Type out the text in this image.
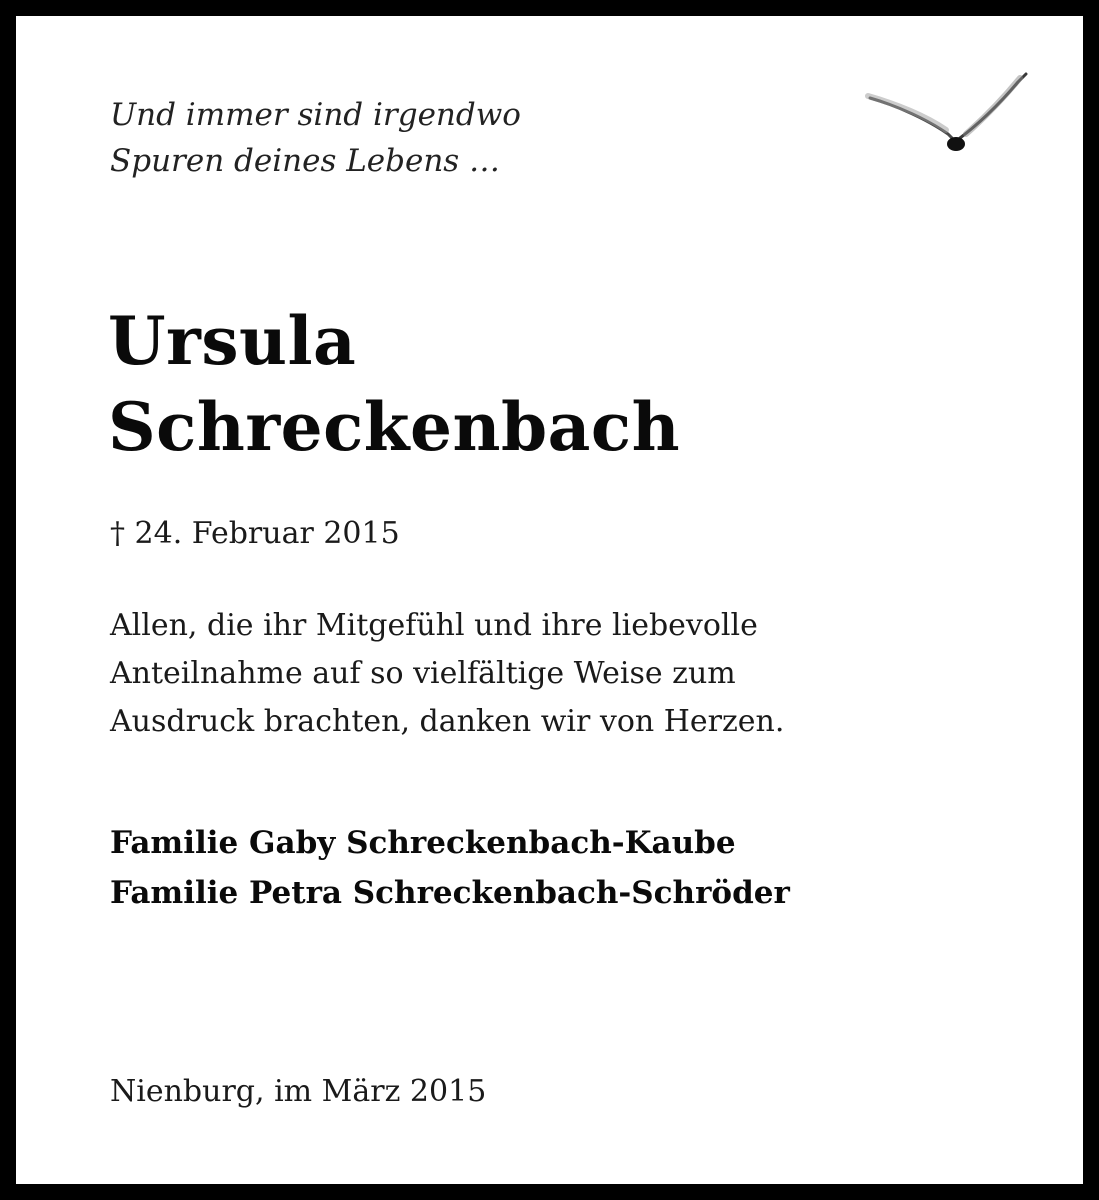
Und immer sind irgendwo
Spuren deines Lebens …
Ursula
Schreckenbach
† 24. Februar 2015
Allen, die ihr Mitgefühl und ihre liebevolle
Anteilnahme auf so vielfältige Weise zum
Ausdruck brachten, danken wir von Herzen.
Familie Gaby Schreckenbach-Kaube
Familie Petra Schreckenbach-Schröder
Nienburg, im März 2015
